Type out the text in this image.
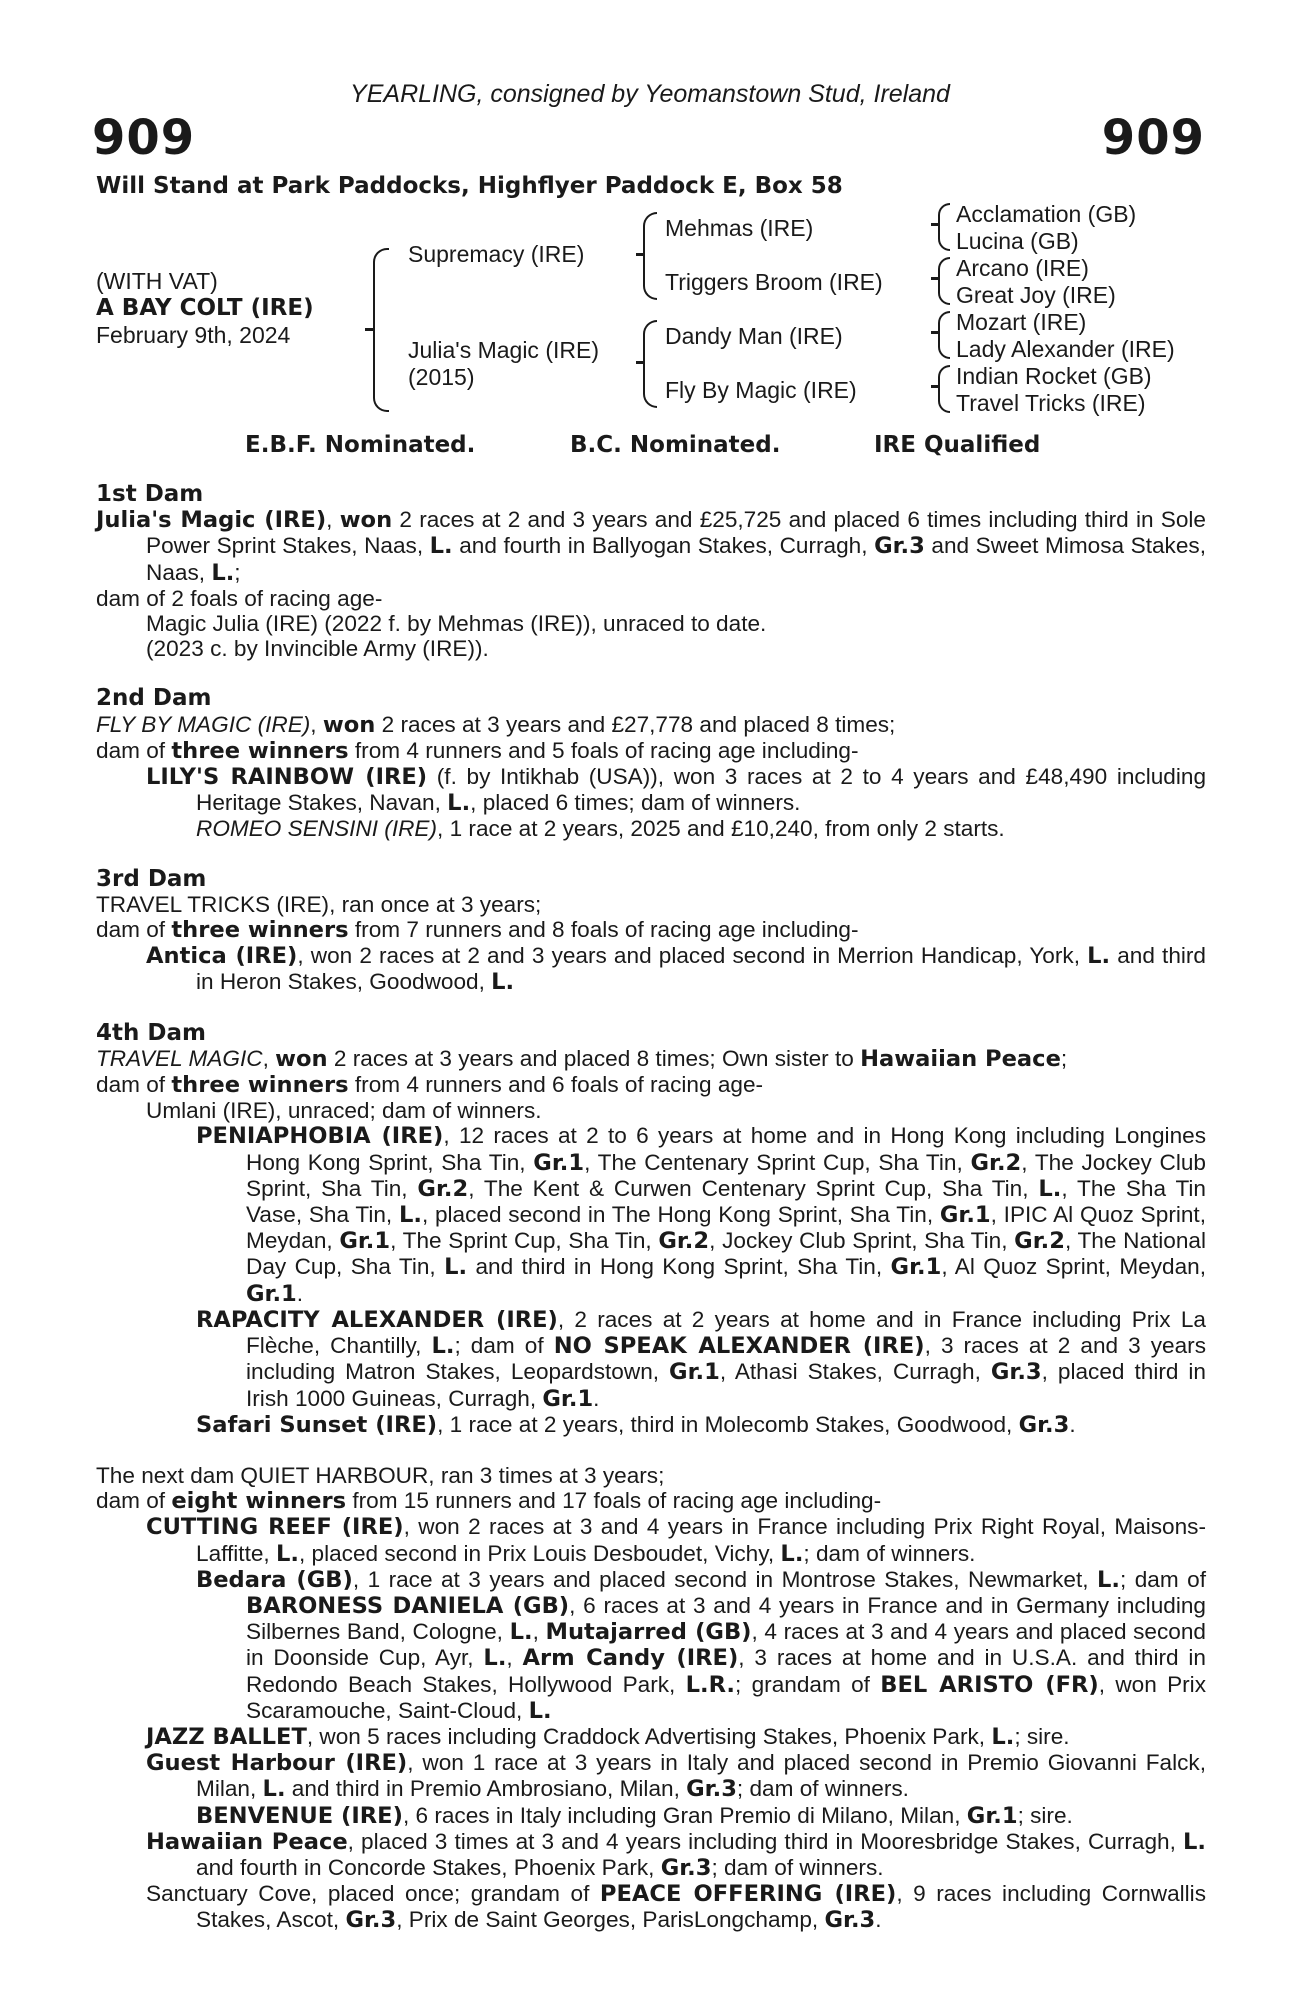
YEARLING, consigned by Yeomanstown Stud, Ireland
909	909
Will Stand at Park Paddocks, Highflyer Paddock E, Box 58
(WITH VAT)
A BAY COLT (IRE)
February 9th, 2024
Supremacy (IRE)
Julia's Magic (IRE)
(2015)
Mehmas (IRE)
Triggers Broom (IRE)
Dandy Man (IRE)
Fly By Magic (IRE)
Acclamation (GB)
Lucina (GB)
Arcano (IRE)
Great Joy (IRE)
Mozart (IRE)
Lady Alexander (IRE)
Indian Rocket (GB)
Travel Tricks (IRE)
E.B.F. Nominated.	B.C. Nominated.	IRE Qualified

1st Dam

Julia's Magic (IRE), won 2 races at 2 and 3 years and £25,725 and placed 6 times including third in Sole Power Sprint Stakes, Naas, L. and fourth in Ballyogan Stakes, Curragh, Gr.3 and Sweet Mimosa Stakes, Naas, L.;

dam of 2 foals of racing age-

Magic Julia (IRE) (2022 f. by Mehmas (IRE)), unraced to date.

(2023 c. by Invincible Army (IRE)).

2nd Dam

FLY BY MAGIC (IRE), won 2 races at 3 years and £27,778 and placed 8 times;

dam of three winners from 4 runners and 5 foals of racing age including-

LILY'S RAINBOW (IRE) (f. by Intikhab (USA)), won 3 races at 2 to 4 years and £48,490 including Heritage Stakes, Navan, L., placed 6 times; dam of winners.

ROMEO SENSINI (IRE), 1 race at 2 years, 2025 and £10,240, from only 2 starts.

3rd Dam

TRAVEL TRICKS (IRE), ran once at 3 years;

dam of three winners from 7 runners and 8 foals of racing age including-

Antica (IRE), won 2 races at 2 and 3 years and placed second in Merrion Handicap, York, L. and third in Heron Stakes, Goodwood, L.

4th Dam

TRAVEL MAGIC, won 2 races at 3 years and placed 8 times; Own sister to Hawaiian Peace;

dam of three winners from 4 runners and 6 foals of racing age-

Umlani (IRE), unraced; dam of winners.

PENIAPHOBIA (IRE), 12 races at 2 to 6 years at home and in Hong Kong including Longines Hong Kong Sprint, Sha Tin, Gr.1, The Centenary Sprint Cup, Sha Tin, Gr.2, The Jockey Club Sprint, Sha Tin, Gr.2, The Kent & Curwen Centenary Sprint Cup, Sha Tin, L., The Sha Tin Vase, Sha Tin, L., placed second in The Hong Kong Sprint, Sha Tin, Gr.1, IPIC Al Quoz Sprint, Meydan, Gr.1, The Sprint Cup, Sha Tin, Gr.2, Jockey Club Sprint, Sha Tin, Gr.2, The National Day Cup, Sha Tin, L. and third in Hong Kong Sprint, Sha Tin, Gr.1, Al Quoz Sprint, Meydan, Gr.1.

RAPACITY ALEXANDER (IRE), 2 races at 2 years at home and in France including Prix La Flèche, Chantilly, L.; dam of NO SPEAK ALEXANDER (IRE), 3 races at 2 and 3 years including Matron Stakes, Leopardstown, Gr.1, Athasi Stakes, Curragh, Gr.3, placed third in Irish 1000 Guineas, Curragh, Gr.1.

Safari Sunset (IRE), 1 race at 2 years, third in Molecomb Stakes, Goodwood, Gr.3.

The next dam QUIET HARBOUR, ran 3 times at 3 years;

dam of eight winners from 15 runners and 17 foals of racing age including-

CUTTING REEF (IRE), won 2 races at 3 and 4 years in France including Prix Right Royal, Maisons-Laffitte, L., placed second in Prix Louis Desboudet, Vichy, L.; dam of winners.

Bedara (GB), 1 race at 3 years and placed second in Montrose Stakes, Newmarket, L.; dam of BARONESS DANIELA (GB), 6 races at 3 and 4 years in France and in Germany including Silbernes Band, Cologne, L., Mutajarred (GB), 4 races at 3 and 4 years and placed second in Doonside Cup, Ayr, L., Arm Candy (IRE), 3 races at home and in U.S.A. and third in Redondo Beach Stakes, Hollywood Park, L.R.; grandam of BEL ARISTO (FR), won Prix Scaramouche, Saint-Cloud, L.

JAZZ BALLET, won 5 races including Craddock Advertising Stakes, Phoenix Park, L.; sire.

Guest Harbour (IRE), won 1 race at 3 years in Italy and placed second in Premio Giovanni Falck, Milan, L. and third in Premio Ambrosiano, Milan, Gr.3; dam of winners.

BENVENUE (IRE), 6 races in Italy including Gran Premio di Milano, Milan, Gr.1; sire.

Hawaiian Peace, placed 3 times at 3 and 4 years including third in Mooresbridge Stakes, Curragh, L. and fourth in Concorde Stakes, Phoenix Park, Gr.3; dam of winners.

Sanctuary Cove, placed once; grandam of PEACE OFFERING (IRE), 9 races including Cornwallis Stakes, Ascot, Gr.3, Prix de Saint Georges, ParisLongchamp, Gr.3.
